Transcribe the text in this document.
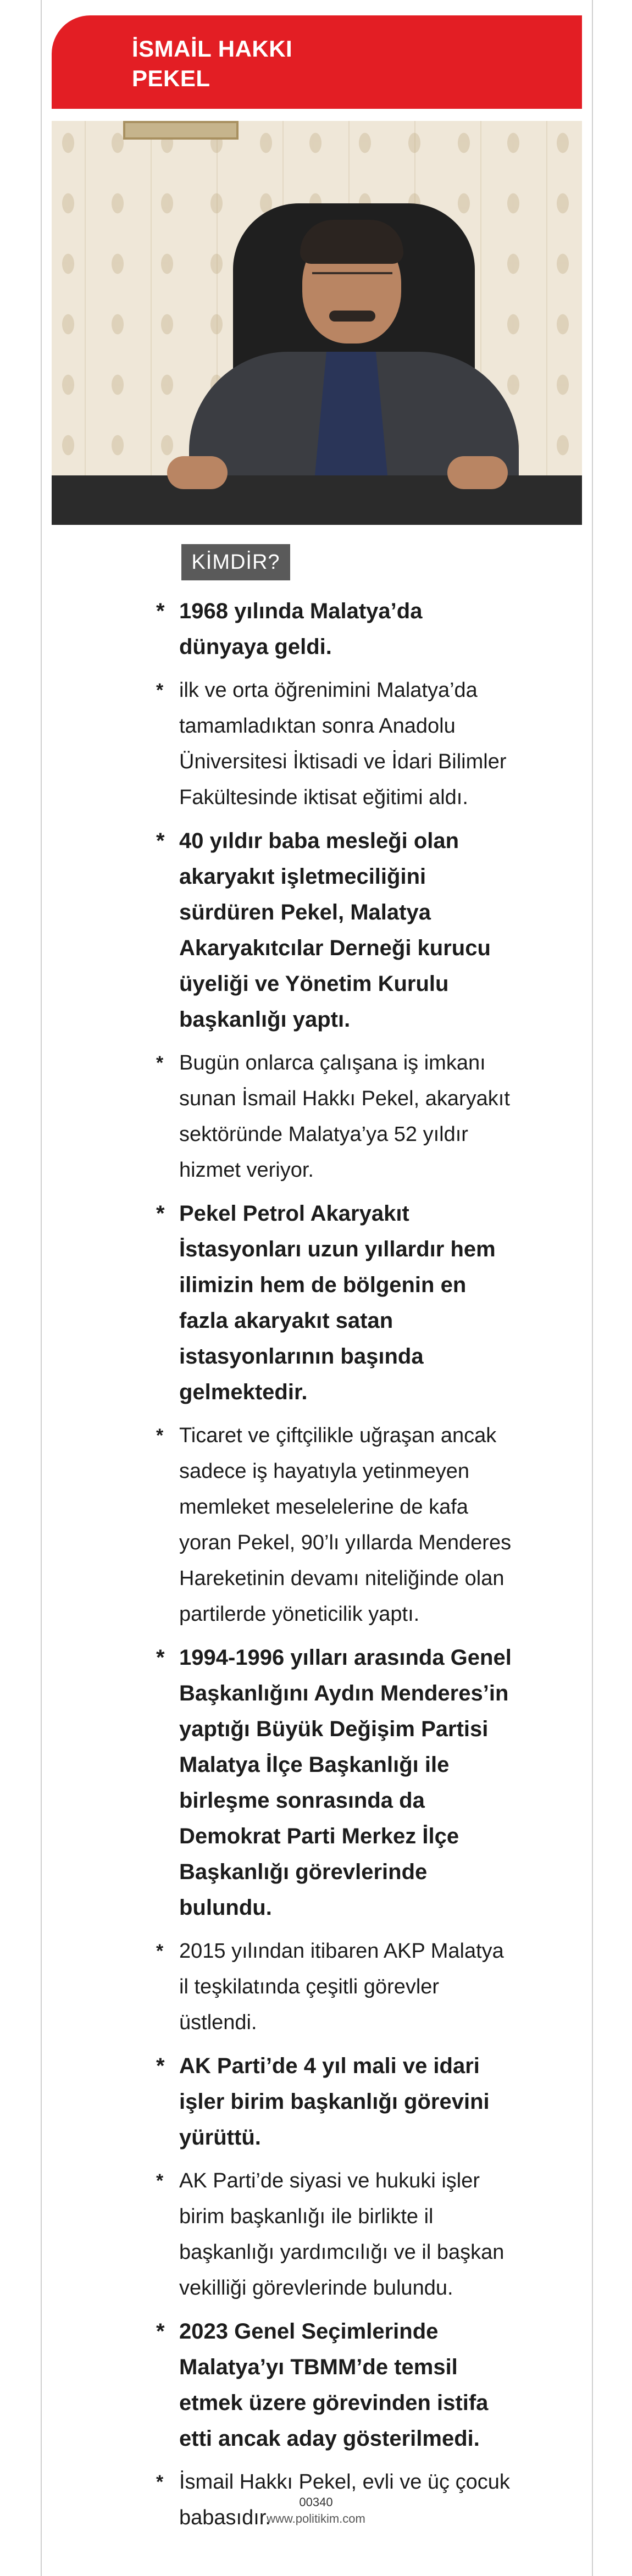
İSMAİL HAKKI
PEKEL
KİMDİR?
* 1968 yılında Malatya’da dünyaya geldi.
* ilk ve orta öğrenimini Malatya’da tamamladıktan sonra Anadolu Üniversitesi İktisadi ve İdari Bilimler Fakültesinde iktisat eğitimi aldı.
* 40 yıldır baba mesleği olan akaryakıt işletmeciliğini sürdüren Pekel, Malatya Akaryakıtcılar Derneği kurucu üyeliği ve Yönetim Kurulu başkanlığı yaptı.
* Bugün onlarca çalışana iş imkanı sunan İsmail Hakkı Pekel, akaryakıt sektöründe Malatya’ya 52 yıldır hizmet veriyor.
* Pekel Petrol Akaryakıt İstasyonları uzun yıllardır hem ilimizin hem de bölgenin en fazla akaryakıt satan istasyonlarının başında gelmektedir.
* Ticaret ve çiftçilikle uğraşan ancak sadece iş hayatıyla yetinmeyen memleket meselelerine de kafa yoran Pekel, 90’lı yıllarda Menderes Hareketinin devamı niteliğinde olan partilerde yöneticilik yaptı.
* 1994-1996 yılları arasında Genel Başkanlığını Aydın Menderes’in yaptığı Büyük Değişim Partisi Malatya İlçe Başkanlığı ile birleşme sonrasında da Demokrat Parti Merkez İlçe Başkanlığı görevlerinde bulundu.
* 2015 yılından itibaren AKP Malatya il teşkilatında çeşitli görevler üstlendi.
* AK Parti’de 4 yıl mali ve idari işler birim başkanlığı görevini yürüttü.
* AK Parti’de siyasi ve hukuki işler birim başkanlığı ile birlikte il başkanlığı yardımcılığı ve il başkan vekilliği görevlerinde bulundu.
* 2023 Genel Seçimlerinde Malatya’yı TBMM’de temsil etmek üzere görevinden istifa etti ancak aday gösterilmedi.
* İsmail Hakkı Pekel, evli ve üç çocuk babasıdır.
00340
www.politikim.com
